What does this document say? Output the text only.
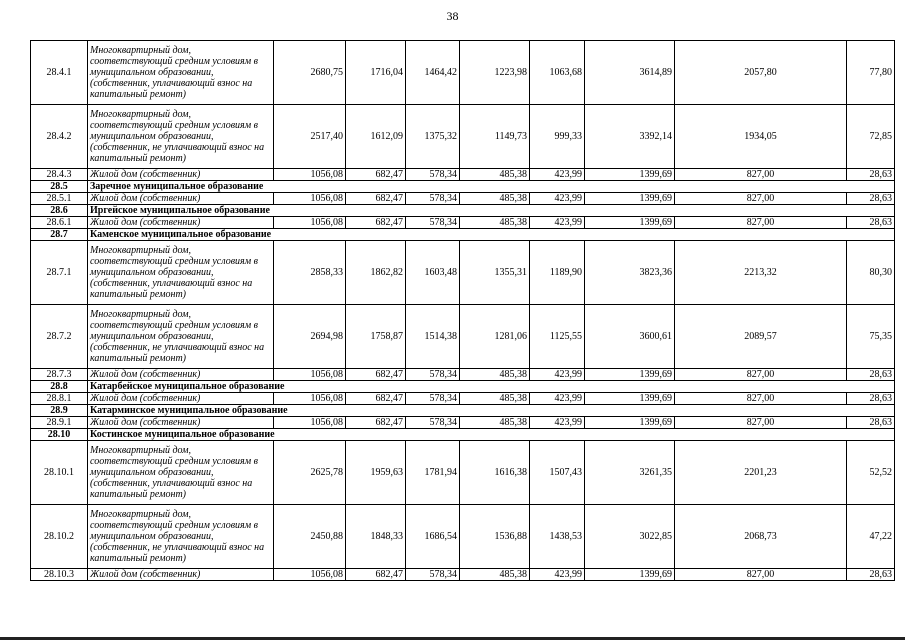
38
28.4.1	Многоквартирный дом, соответствующий средним условиям в муниципальном образовании, (собственник, уплачивающий взнос на капитальный ремонт)	2680,75	1716,04	1464,42	1223,98	1063,68	3614,89	2057,80	77,80
28.4.2	Многоквартирный дом, соответствующий средним условиям в муниципальном образовании, (собственник, не уплачивающий взнос на капитальный ремонт)	2517,40	1612,09	1375,32	1149,73	999,33	3392,14	1934,05	72,85
28.4.3	Жилой дом (собственник)	1056,08	682,47	578,34	485,38	423,99	1399,69	827,00	28,63
28.5	Заречное муниципальное образование								
28.5.1	Жилой дом (собственник)	1056,08	682,47	578,34	485,38	423,99	1399,69	827,00	28,63
28.6	Иргейское муниципальное образование								
28.6.1	Жилой дом (собственник)	1056,08	682,47	578,34	485,38	423,99	1399,69	827,00	28,63
28.7	Каменское муниципальное образование								
28.7.1	Многоквартирный дом, соответствующий средним условиям в муниципальном образовании, (собственник, уплачивающий взнос на капитальный ремонт)	2858,33	1862,82	1603,48	1355,31	1189,90	3823,36	2213,32	80,30
28.7.2	Многоквартирный дом, соответствующий средним условиям в муниципальном образовании, (собственник, не уплачивающий взнос на капитальный ремонт)	2694,98	1758,87	1514,38	1281,06	1125,55	3600,61	2089,57	75,35
28.7.3	Жилой дом (собственник)	1056,08	682,47	578,34	485,38	423,99	1399,69	827,00	28,63
28.8	Катарбейское муниципальное образование								
28.8.1	Жилой дом (собственник)	1056,08	682,47	578,34	485,38	423,99	1399,69	827,00	28,63
28.9	Катарминское муниципальное образование								
28.9.1	Жилой дом (собственник)	1056,08	682,47	578,34	485,38	423,99	1399,69	827,00	28,63
28.10	Костинское муниципальное образование								
28.10.1	Многоквартирный дом, соответствующий средним условиям в муниципальном образовании, (собственник, уплачивающий взнос на капитальный ремонт)	2625,78	1959,63	1781,94	1616,38	1507,43	3261,35	2201,23	52,52
28.10.2	Многоквартирный дом, соответствующий средним условиям в муниципальном образовании, (собственник, не уплачивающий взнос на капитальный ремонт)	2450,88	1848,33	1686,54	1536,88	1438,53	3022,85	2068,73	47,22
28.10.3	Жилой дом (собственник)	1056,08	682,47	578,34	485,38	423,99	1399,69	827,00	28,63
